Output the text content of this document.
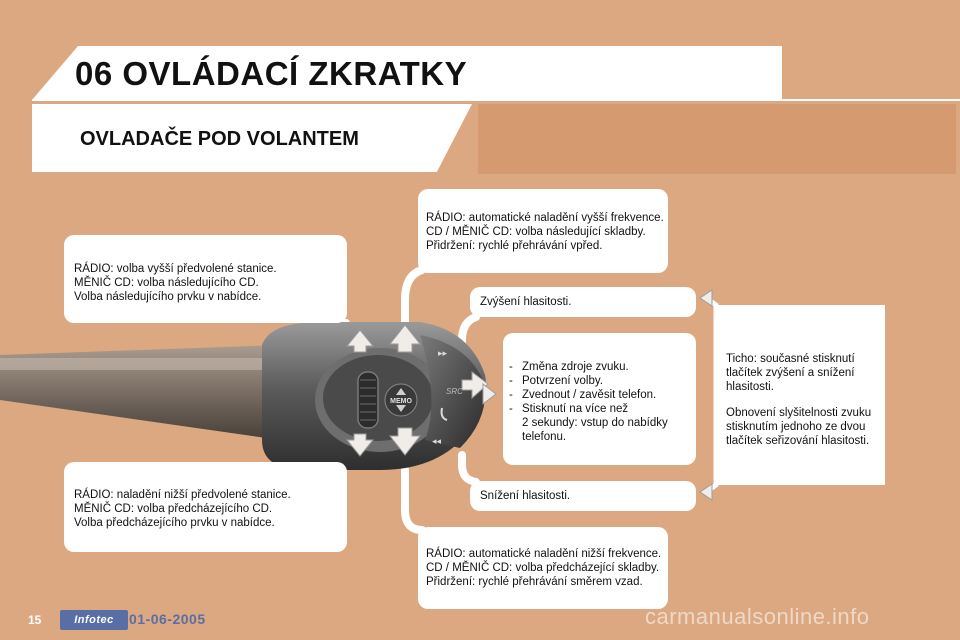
06 OVLÁDACÍ ZKRATKY
OVLADAČE POD VOLANTEM
MEMO
▸▸
◂◂
SRC
RÁDIO: volba vyšší předvolené stanice.
MĚNIČ CD: volba následujícího CD.
Volba následujícího prvku v nabídce.
RÁDIO: naladění nižší předvolené stanice.
MĚNIČ CD: volba předcházejícího CD.
Volba předcházejícího prvku v nabídce.
RÁDIO: automatické naladění vyšší frekvence.
CD / MĚNIČ CD: volba následující skladby.
Přidržení: rychlé přehrávání vpřed.
Zvýšení hlasitosti.
- Změna zdroje zvuku.
- Potvrzení volby.
- Zvednout / zavěsit telefon.
- Stisknutí na více než
2 sekundy: vstup do nabídky
telefonu.
Snížení hlasitosti.
RÁDIO: automatické naladění nižší frekvence.
CD / MĚNIČ CD: volba předcházející skladby.
Přidržení: rychlé přehrávání směrem vzad.
Ticho: současné stisknutí
tlačítek zvýšení a snížení
hlasitosti.
Obnovení slyšitelnosti zvuku
stisknutím jednoho ze dvou
tlačítek seřizování hlasitosti.
15	Infotec	01-06-2005	carmanualsonline.info
